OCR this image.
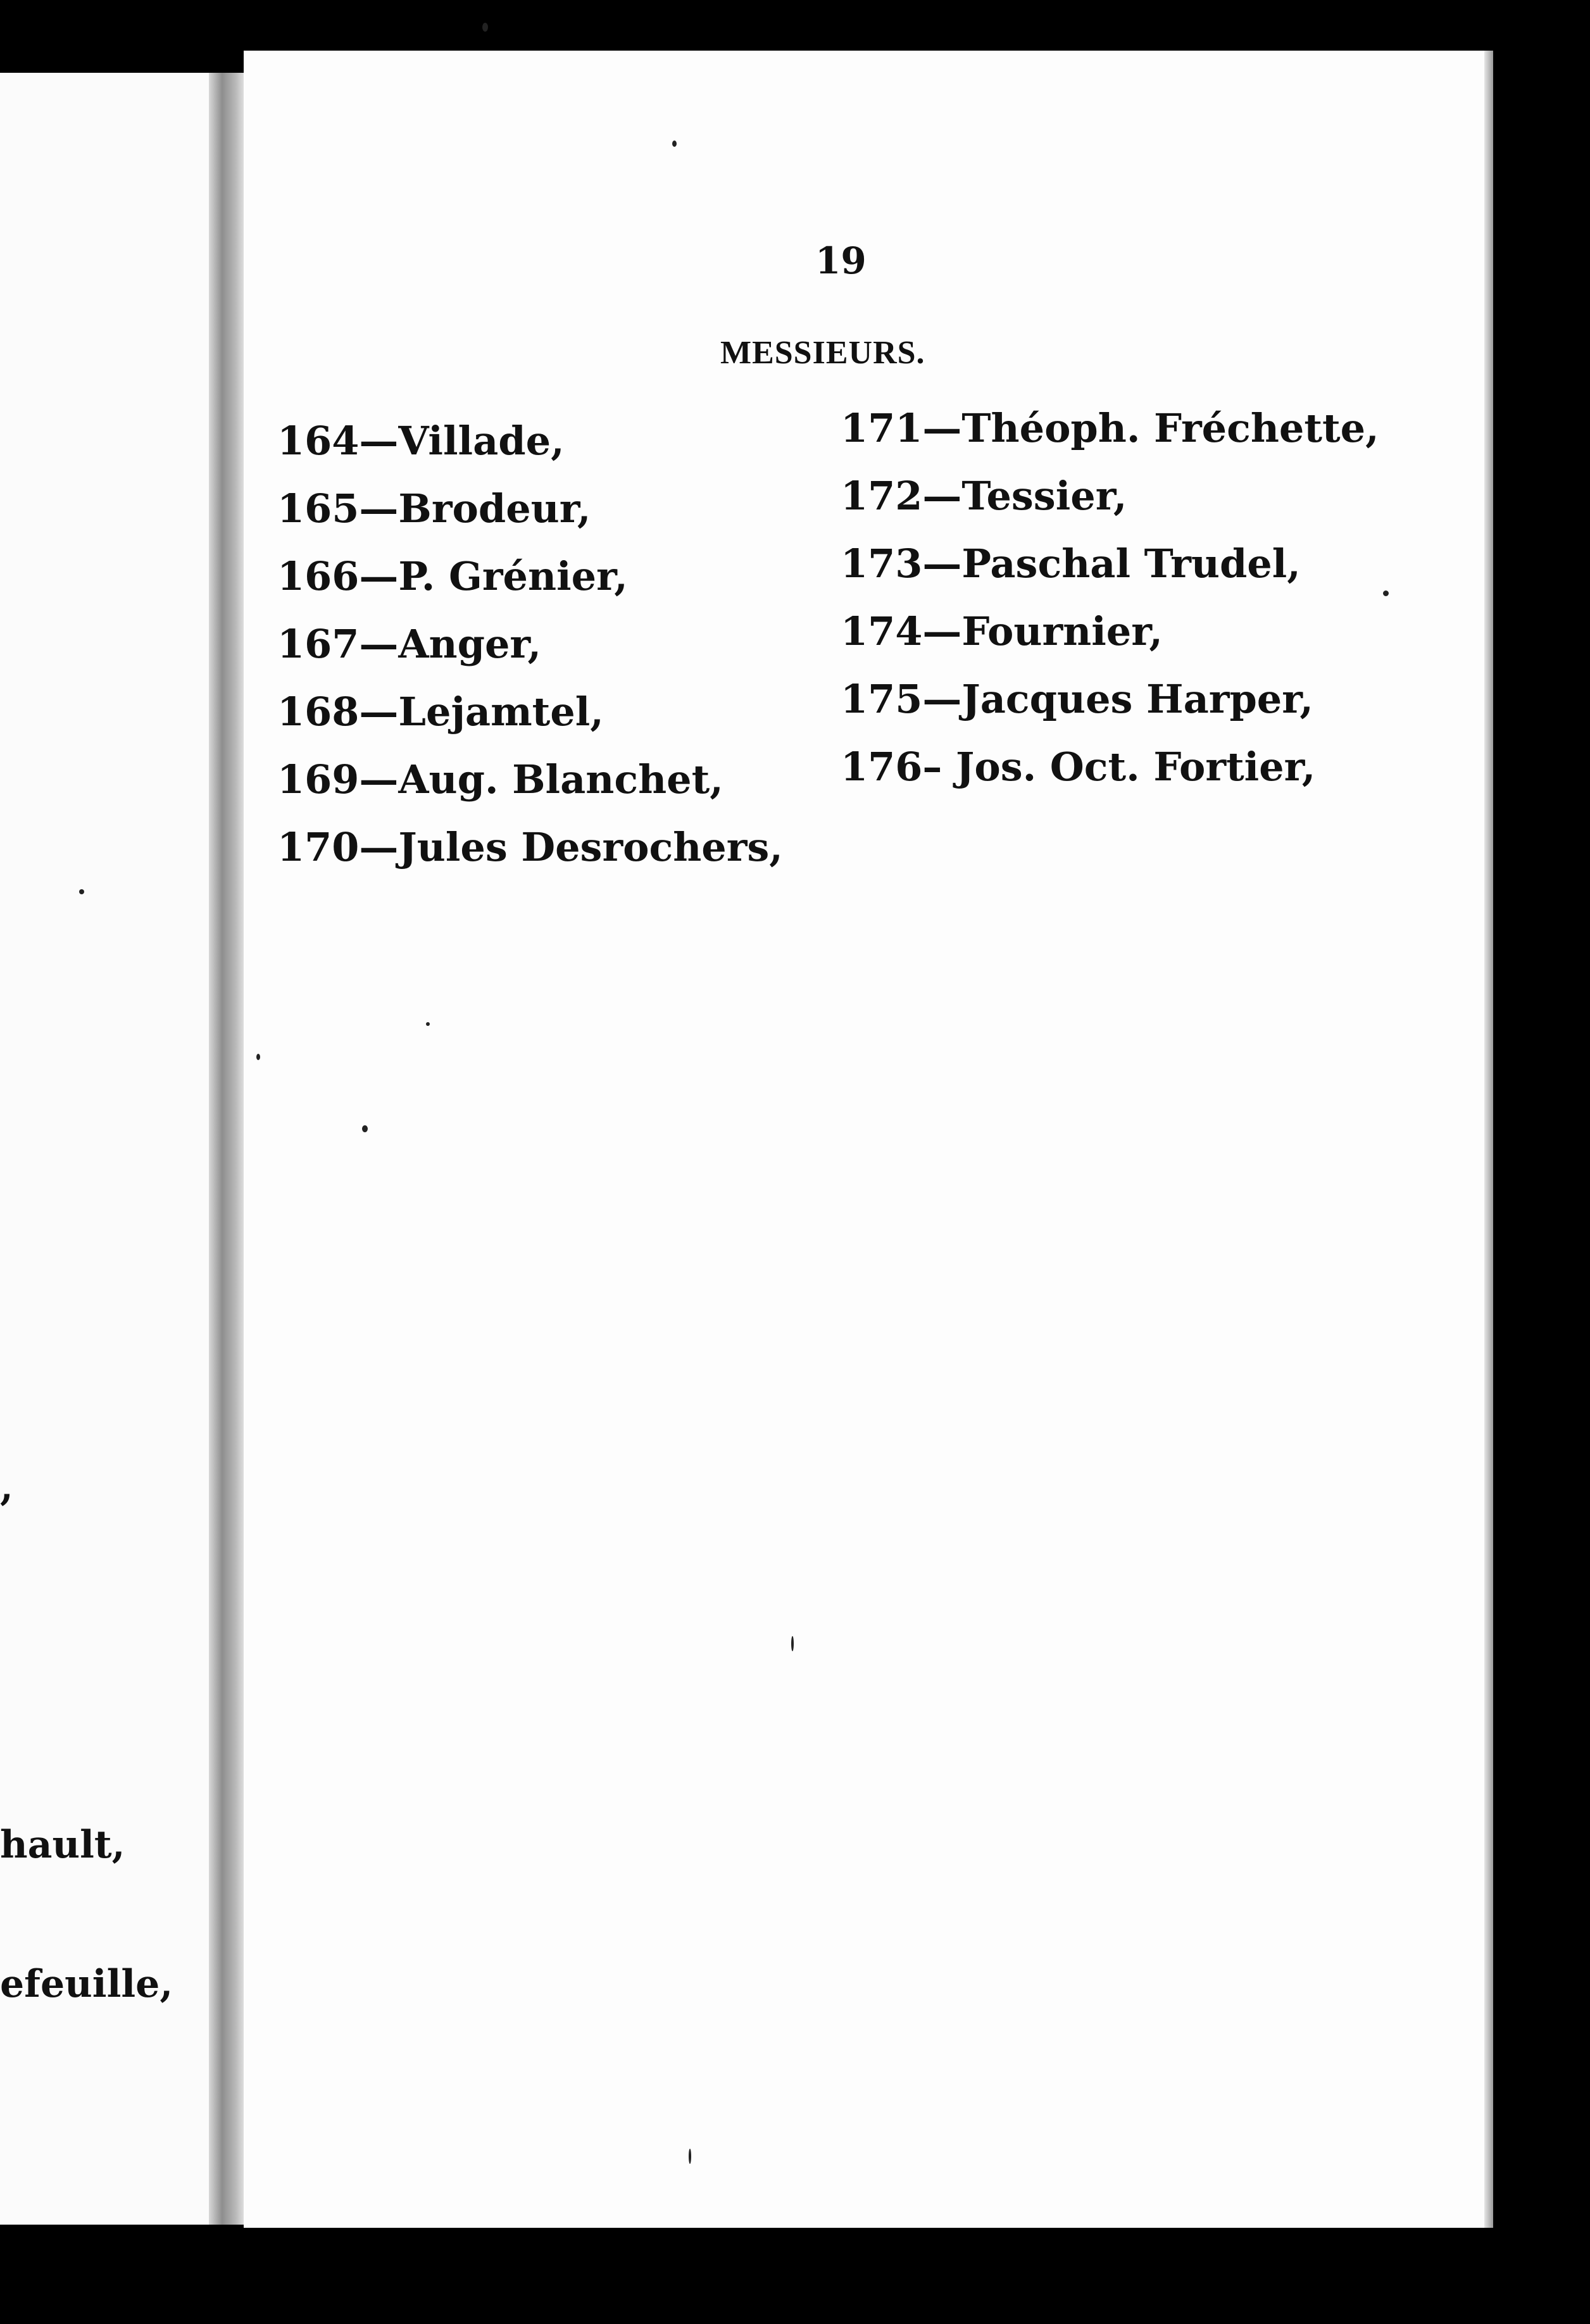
,
hault,
efeuille,
19
MESSIEURS.
164—Villade,
165—Brodeur,
166—P. Grénier,
167—Anger,
168—Lejamtel,
169—Aug. Blanchet,
170—Jules Desrochers,
171—Théoph. Fréchette,
172—Tessier,
173—Paschal Trudel,
174—Fournier,
175—Jacques Harper,
176– Jos. Oct. Fortier,
